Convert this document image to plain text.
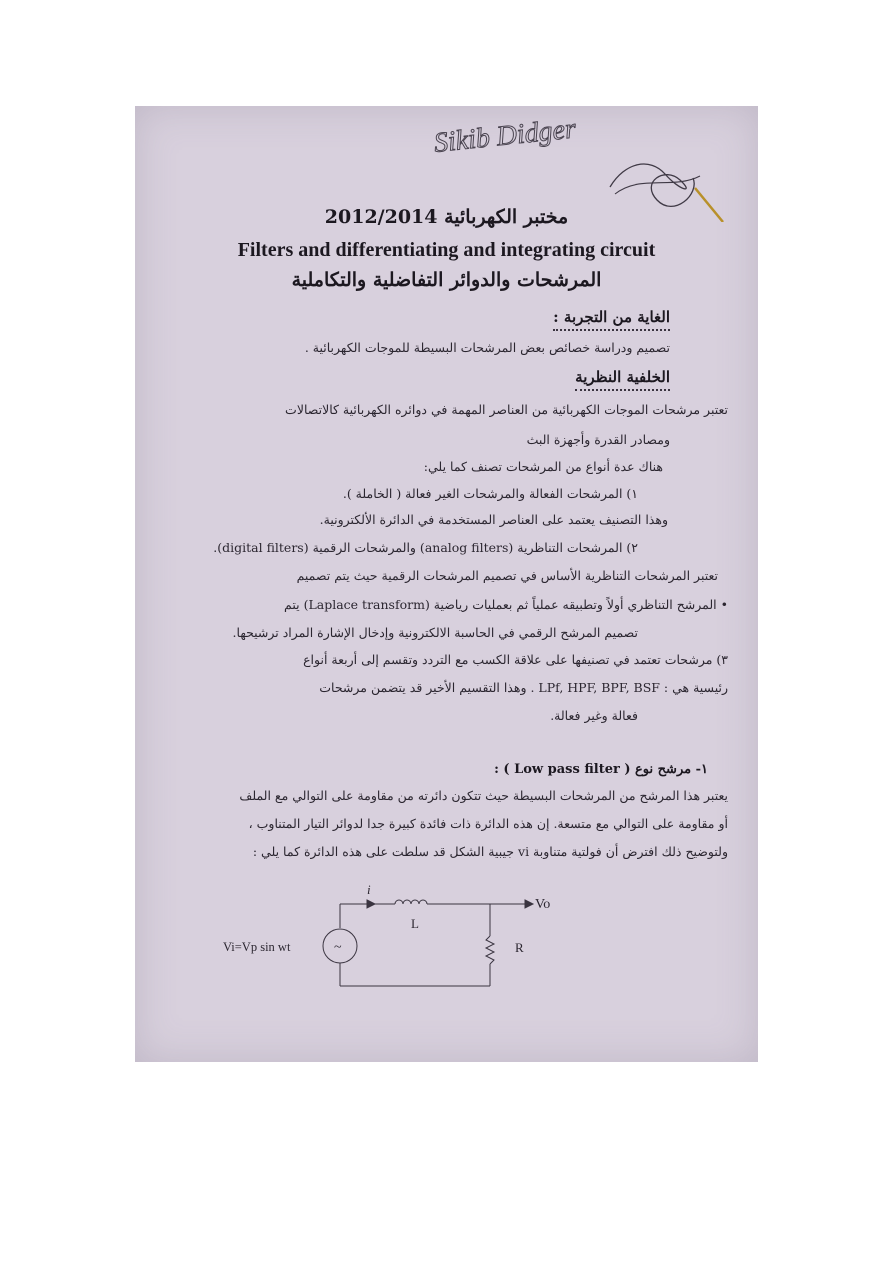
Sikib Didger
مختبر الكهربائية 2012/2014
Filters and differentiating and integrating circuit
المرشحات والدوائر التفاضلية والتكاملية
الغاية من التجربة :
تصميم ودراسة خصائص بعض المرشحات البسيطة للموجات الكهربائية .
الخلفية النظرية
تعتبر مرشحات الموجات الكهربائية من العناصر المهمة في دوائره الكهربائية كالاتصالات
ومصادر القدرة وأجهزة البث
هناك عدة أنواع من المرشحات تصنف كما يلي:
١) المرشحات الفعالة والمرشحات الغير فعالة ( الخاملة ).
وهذا التصنيف يعتمد على العناصر المستخدمة في الدائرة الألكترونية.
٢) المرشحات التناظرية (analog filters) والمرشحات الرقمية (digital filters).
تعتبر المرشحات التناظرية الأساس في تصميم المرشحات الرقمية حيث يتم تصميم
• المرشح التناظري أولاً وتطبيقه عملياً ثم بعمليات رياضية (Laplace transform) يتم
تصميم المرشح الرقمي في الحاسبة الالكترونية وإدخال الإشارة المراد ترشيحها.
٣) مرشحات تعتمد في تصنيفها على علاقة الكسب مع التردد وتقسم إلى أربعة أنواع
رئيسية هي : LPf, HPF, BPF, BSF . وهذا التقسيم الأخير قد يتضمن مرشحات
فعالة وغير فعالة.
١- مرشح نوع ( Low pass filter ) :
يعتبر هذا المرشح من المرشحات البسيطة حيث تتكون دائرته من مقاومة على التوالي مع الملف
أو مقاومة على التوالي مع متسعة. إن هذه الدائرة ذات فائدة كبيرة جدا لدوائر التيار المتناوب ،
ولتوضيح ذلك افترض أن فولتية متناوبة vi جيبية الشكل قد سلطت على هذه الدائرة كما يلي :
i
L
Vo
R
Vi=Vp sin wt	~
